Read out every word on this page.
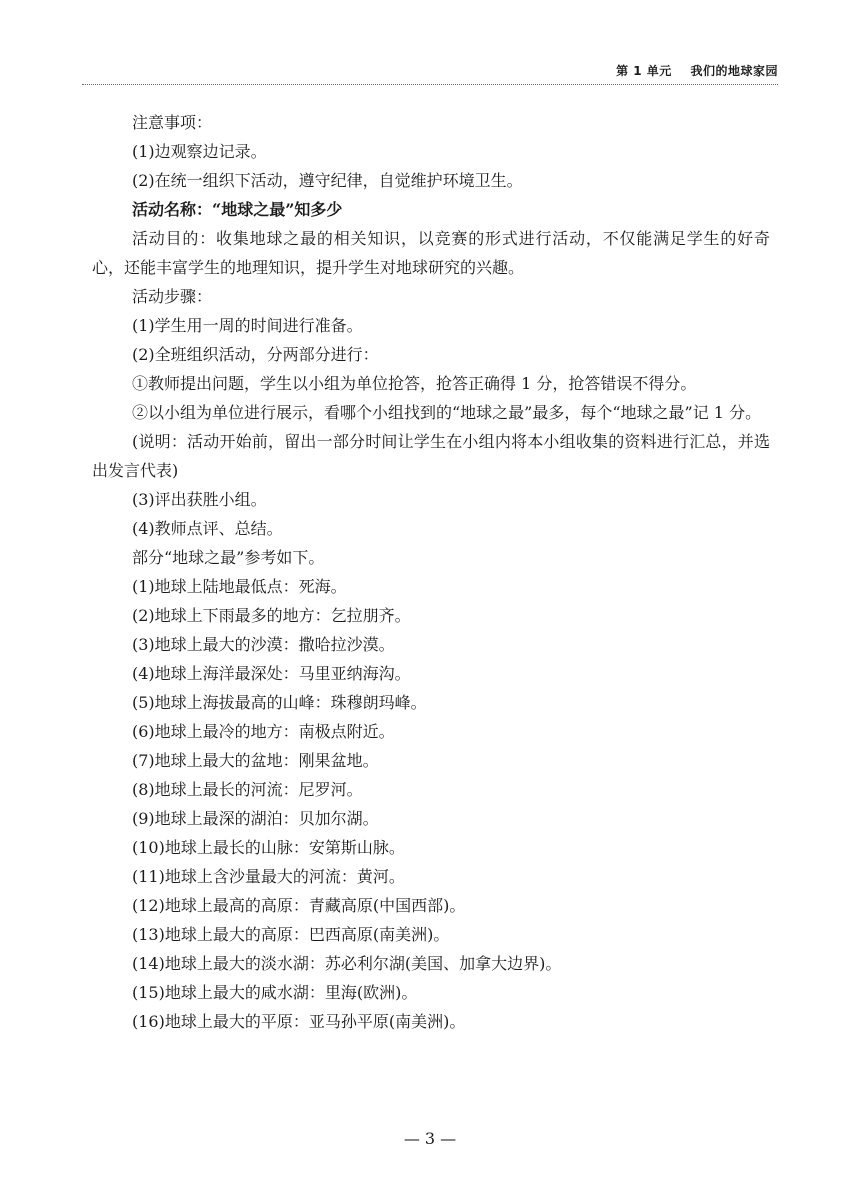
第 1 单元 我们的地球家园

注意事项：

(1)边观察边记录。

(2)在统一组织下活动，遵守纪律，自觉维护环境卫生。

活动名称：“地球之最”知多少

活动目的：收集地球之最的相关知识，以竞赛的形式进行活动，不仅能满足学生的好奇心，还能丰富学生的地理知识，提升学生对地球研究的兴趣。

活动步骤：

(1)学生用一周的时间进行准备。

(2)全班组织活动，分两部分进行：

①教师提出问题，学生以小组为单位抢答，抢答正确得 1 分，抢答错误不得分。

②以小组为单位进行展示，看哪个小组找到的“地球之最”最多，每个“地球之最”记 1 分。

(说明：活动开始前，留出一部分时间让学生在小组内将本小组收集的资料进行汇总，并选出发言代表)

(3)评出获胜小组。

(4)教师点评、总结。

部分“地球之最”参考如下。

(1)地球上陆地最低点：死海。

(2)地球上下雨最多的地方：乞拉朋齐。

(3)地球上最大的沙漠：撒哈拉沙漠。

(4)地球上海洋最深处：马里亚纳海沟。

(5)地球上海拔最高的山峰：珠穆朗玛峰。

(6)地球上最冷的地方：南极点附近。

(7)地球上最大的盆地：刚果盆地。

(8)地球上最长的河流：尼罗河。

(9)地球上最深的湖泊：贝加尔湖。

(10)地球上最长的山脉：安第斯山脉。

(11)地球上含沙量最大的河流：黄河。

(12)地球上最高的高原：青藏高原(中国西部)。

(13)地球上最大的高原：巴西高原(南美洲)。

(14)地球上最大的淡水湖：苏必利尔湖(美国、加拿大边界)。

(15)地球上最大的咸水湖：里海(欧洲)。

(16)地球上最大的平原：亚马孙平原(南美洲)。

— 3 —
